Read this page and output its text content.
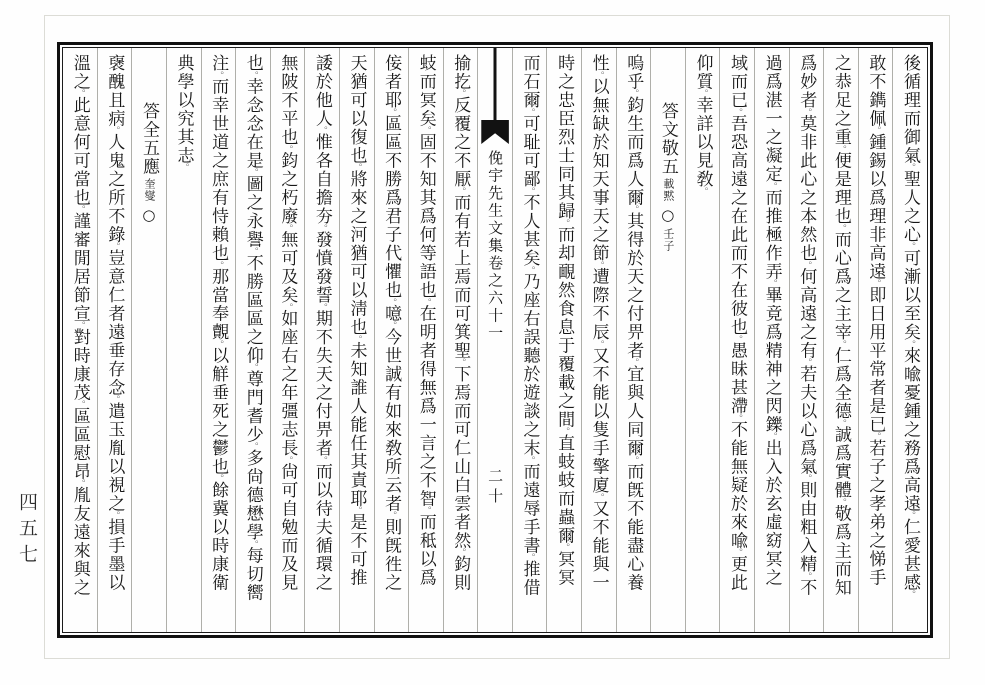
四五七
後循理而御氣。聖人之心。可漸以至矣。來喩憂鍾之務爲高遠。仁愛甚感。
敢不鐫佩。鍾錫以爲理非高遠。即日用平常者是已。若子之孝弟之悌手
之恭足之重。便是理也。而心爲之主宰。仁爲全德。誠爲實體。敬爲主而知
爲妙者。莫非此心之本然也。何高遠之有。若夫以心爲氣。則由粗入精。不
過爲湛一之凝定。而推極作弄。畢竟爲精神之閃鑠。出入於玄虛窈冥之
域而已。吾恐高遠之在此而不在彼也。愚昧甚滯。不能無疑於來喩。更此
仰質。幸詳以見敎。
答文敬五載黙○壬子
嗚乎。鈞生而爲人爾。其得於天之付畀者。宜與人同爾。而旣不能盡心養
性。以無缺於知天事天之節。遭際不辰。又不能以隻手擎廈。又不能與一
時之忠臣烈士同其歸。而却靦然食息于覆載之間。直蚑蚑而蟲爾。冥冥
而石爾。可耻可鄙。不人甚矣。乃座右誤聽於遊談之末。而遠辱手書。推借
俛宇先生文集卷之六十一
二十
揄扢。反覆之不厭。而有若上焉而可箕聖。下焉而可仁山白雲者然。鈞則
蚑而冥矣。固不知其爲何等語也。在明者得無爲一言之不智。而秪以爲
侫者耶。區區不勝爲君子代懼也。噫。今世誠有如來敎所云者。則旣徃之
天猶可以復也。將來之河猶可以淸也。未知誰人能任其責耶。是不可推
諉於他人。惟各自擔夯。發憤發誓。期不失天之付畀者。而以待夫循環之
無陂不平也。鈞之朽廢。無可及矣。如座右之年彊志長。尙可自勉而及見
也。幸念念在是。圖之永譽。不勝區區之仰。尊門耆少。多尙德懋學。每切嚮
注。而幸世道之庶有恃賴也。那當奉覿。以觧垂死之鬱也。餘冀以時康衛
典學以究其志。
答全五應奎燮○
襃醜且病。人鬼之所不錄。豈意仁者遠垂存念。遣玉胤以視之。損手墨以
溫之。此意何可當也。謹審閒居節宣。對時康茂。區區慰昂。胤友遠來與之
